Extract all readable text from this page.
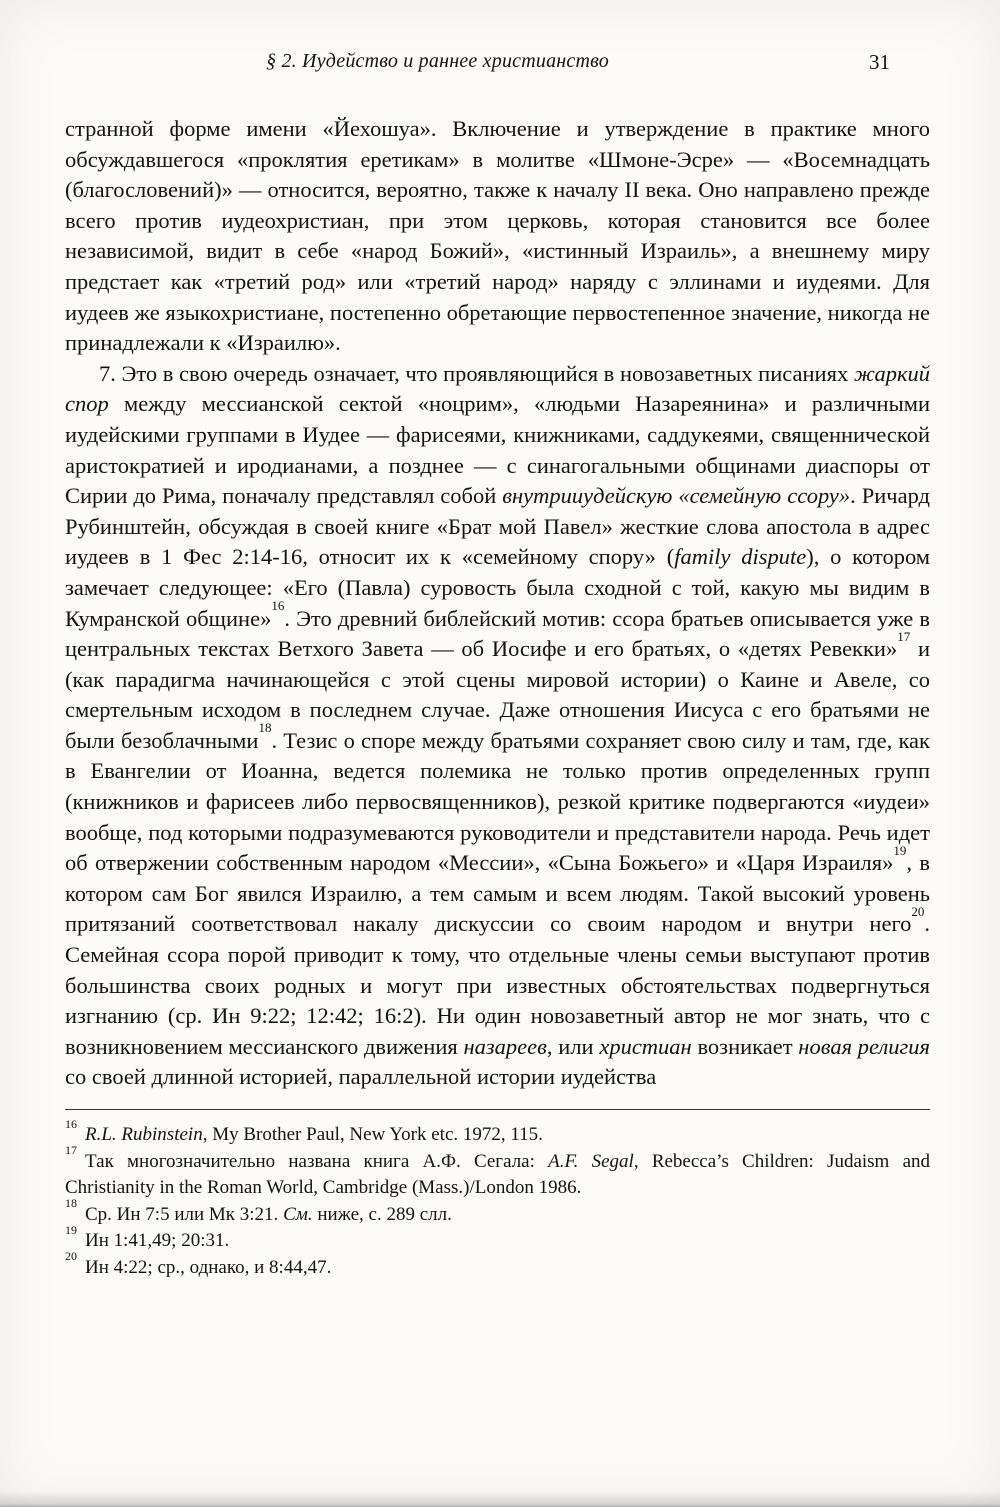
§ 2. Иудейство и раннее христианство	31

странной форме имени «Йехошуа». Включение и утверждение в практике много обсуждавшегося «проклятия еретикам» в молитве «Шмоне-Эсре» — «Восемнадцать (благословений)» — относится, вероятно, также к началу II века. Оно направлено прежде всего против иудеохристиан, при этом церковь, которая становится все более независимой, видит в себе «народ Божий», «истинный Израиль», а внешнему миру предстает как «третий род» или «третий народ» наряду с эллинами и иудеями. Для иудеев же языкохристиане, постепенно обретающие первостепенное значение, никогда не принадлежали к «Израилю».

7. Это в свою очередь означает, что проявляющийся в новозаветных писаниях жаркий спор между мессианской сектой «ноцрим», «людьми Назареянина» и различными иудейскими группами в Иудее — фарисеями, книжниками, саддукеями, священнической аристократией и иродианами, а позднее — с синагогальными общинами диаспоры от Сирии до Рима, поначалу представлял собой внутрииудейскую «семейную ссору». Ричард Рубинштейн, обсуждая в своей книге «Брат мой Павел» жесткие слова апостола в адрес иудеев в 1 Фес 2:14-16, относит их к «семейному спору» (family dispute), о котором замечает следующее: «Его (Павла) суровость была сходной с той, какую мы видим в Кумранской общине»$^{16}$. Это древний библейский мотив: ссора братьев описывается уже в центральных текстах Ветхого Завета — об Иосифе и его братьях, о «детях Ревекки»$^{17}$ и (как парадигма начинающейся с этой сцены мировой истории) о Каине и Авеле, со смертельным исходом в последнем случае. Даже отношения Иисуса с его братьями не были безоблачными$^{18}$. Тезис о споре между братьями сохраняет свою силу и там, где, как в Евангелии от Иоанна, ведется полемика не только против определенных групп (книжников и фарисеев либо первосвященников), резкой критике подвергаются «иудеи» вообще, под которыми подразумеваются руководители и представители народа. Речь идет об отвержении собственным народом «Мессии», «Сына Божьего» и «Царя Израиля»$^{19}$, в котором сам Бог явился Израилю, а тем самым и всем людям. Такой высокий уровень притязаний соответствовал накалу дискуссии со своим народом и внутри него$^{20}$. Семейная ссора порой приводит к тому, что отдельные члены семьи выступают против большинства своих родных и могут при известных обстоятельствах подвергнуться изгнанию (ср. Ин 9:22; 12:42; 16:2). Ни один новозаветный автор не мог знать, что с возникновением мессианского движения назареев, или христиан возникает новая религия со своей длинной историей, параллельной истории иудейства

$^{16}$R.L. Rubinstein, My Brother Paul, New York etc. 1972, 115.

$^{17}$Так многозначительно названа книга А.Ф. Сегала: A.F. Segal, Rebecca’s Children: Judaism and Christianity in the Roman World, Cambridge (Mass.)/London 1986.

$^{18}$Ср. Ин 7:5 или Мк 3:21. См. ниже, с. 289 слл.

$^{19}$Ин 1:41,49; 20:31.

$^{20}$Ин 4:22; ср., однако, и 8:44,47.
